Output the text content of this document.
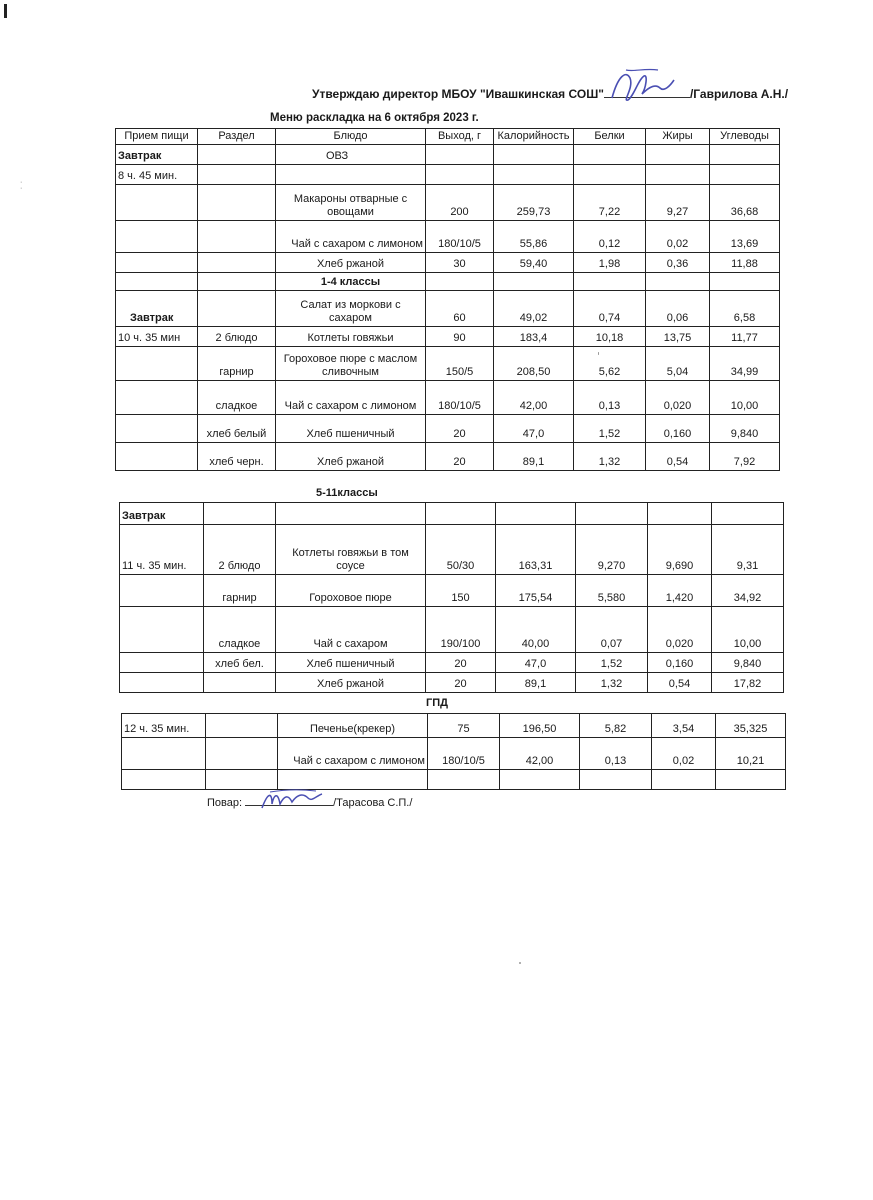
·
·
Утверждаю директор МБОУ "Ивашкинская СОШ"	/Гаврилова А.Н./
Меню раскладка на 6 октября 2023 г.
Прием пищи	Раздел	Блюдо	Выход, г	Калорийность	Белки	Жиры	Углеводы
Завтрак		ОВЗ					
8 ч. 45 мин.							
		Макароны отварные с овощами	200	259,73	7,22	9,27	36,68
		Чай с сахаром с лимоном	180/10/5	55,86	0,12	0,02	13,69
		Хлеб ржаной	30	59,40	1,98	0,36	11,88
		1-4 классы					
Завтрак		Салат из моркови с сахаром	60	49,02	0,74	0,06	6,58
10 ч. 35 мин	2 блюдо	Котлеты говяжьи	90	183,4	10,18	13,75	11,77
	гарнир	Гороховое пюре с маслом сливочным	150/5	208,50	5,62	5,04	34,99
	сладкое	Чай с сахаром с лимоном	180/10/5	42,00	0,13	0,020	10,00
	хлеб белый	Хлеб пшеничный	20	47,0	1,52	0,160	9,840
	хлеб черн.	Хлеб ржаной	20	89,1	1,32	0,54	7,92
5-11классы
Завтрак							
11 ч. 35 мин.	2 блюдо	Котлеты говяжьи в том соусе	50/30	163,31	9,270	9,690	9,31
	гарнир	Гороховое пюре	150	175,54	5,580	1,420	34,92
	сладкое	Чай с сахаром	190/100	40,00	0,07	0,020	10,00
	хлеб бел.	Хлеб пшеничный	20	47,0	1,52	0,160	9,840
		Хлеб ржаной	20	89,1	1,32	0,54	17,82
ГПД
12 ч. 35 мин.		Печенье(крекер)	75	196,50	5,82	3,54	35,325
		Чай с сахаром с лимоном	180/10/5	42,00	0,13	0,02	10,21

Повар:	/Тарасова С.П./
